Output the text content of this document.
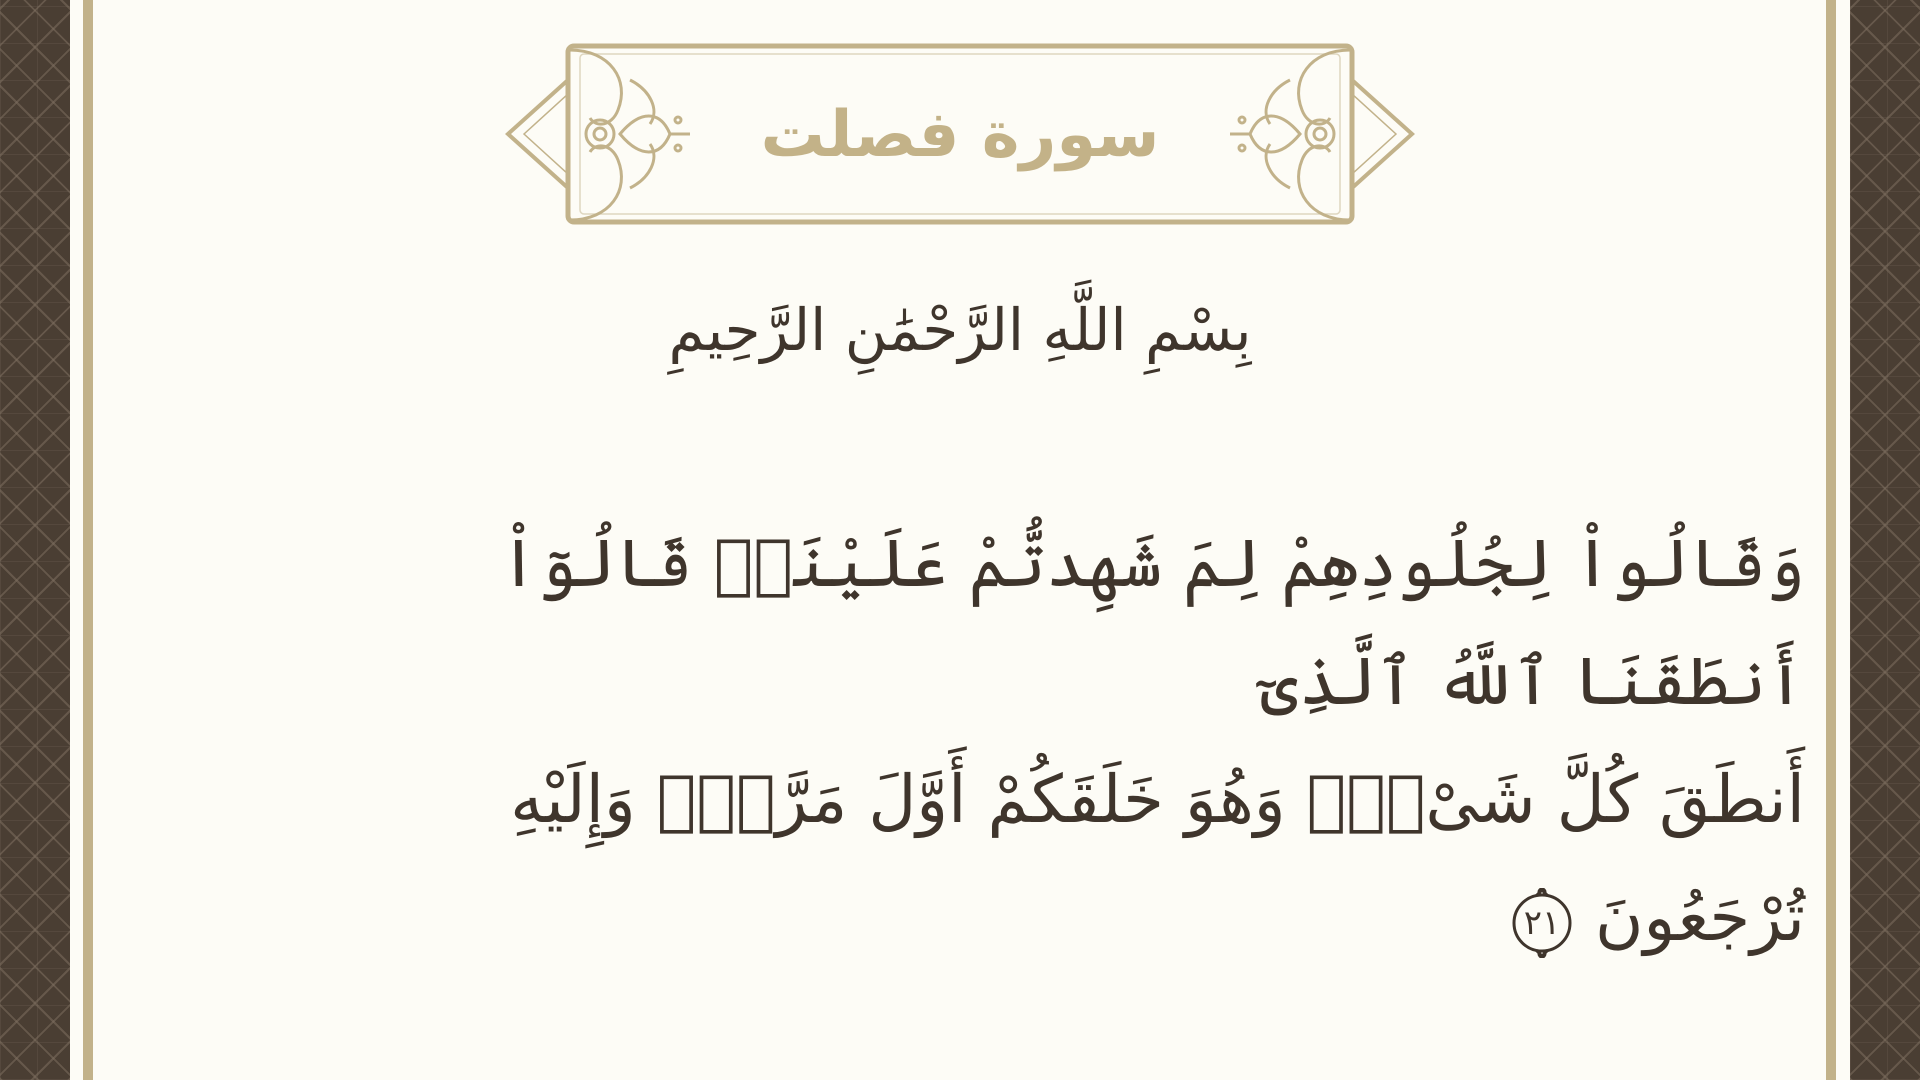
سورة فصلت
بِسْمِ اللَّهِ الرَّحْمَٰنِ الرَّحِيمِ
وَقَالُواْ لِجُلُودِهِمْ لِمَ شَهِدتُّمْ عَلَيْنَاۖ قَالُوٓاْ أَنطَقَنَا ٱللَّهُ ٱلَّذِىٓ
أَنطَقَ كُلَّ شَىْءٍۢ وَهُوَ خَلَقَكُمْ أَوَّلَ مَرَّةٍۢ وَإِلَيْهِ تُرْجَعُونَ
٢١
